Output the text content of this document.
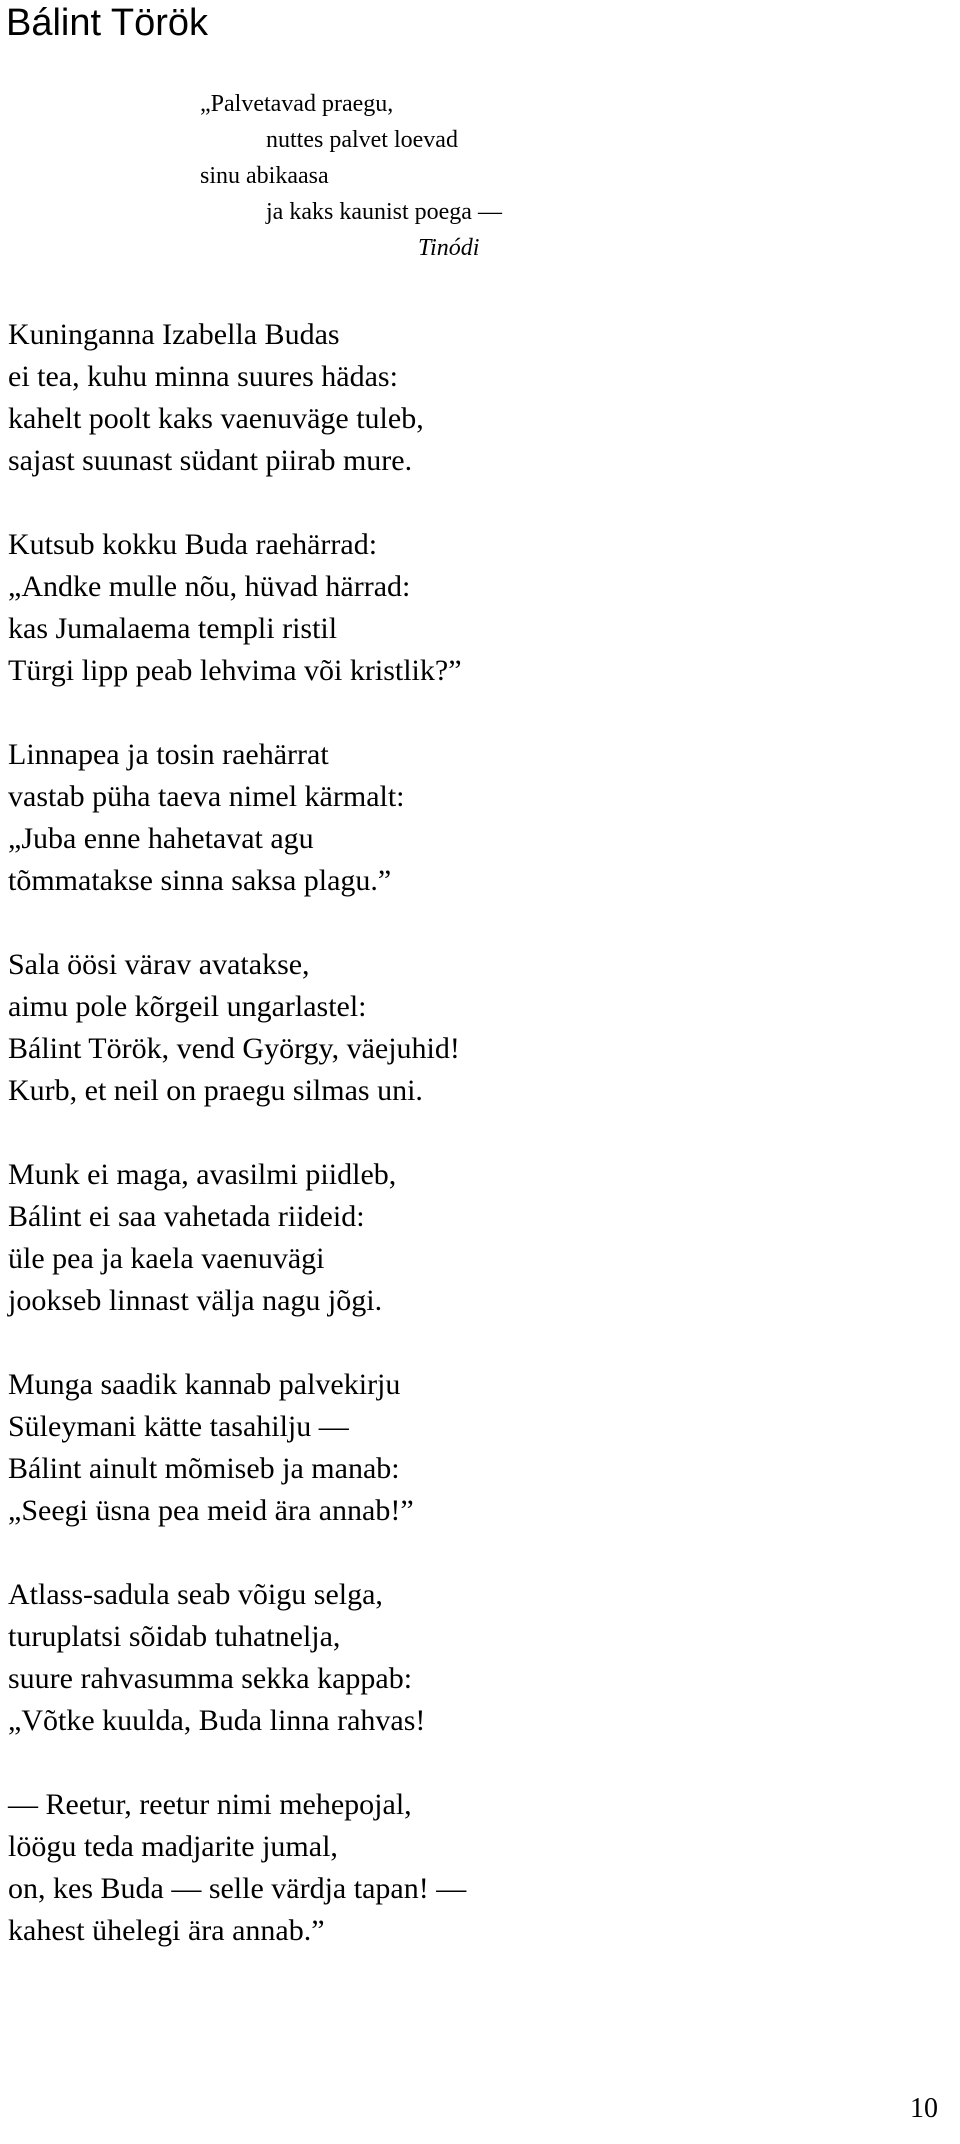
Bálint Török
„Palvetavad praegu,
nuttes palvet loevad
sinu abikaasa
ja kaks kaunist poega —
Tinódi
Kuninganna Izabella Budas
ei tea, kuhu minna suures hädas:
kahelt poolt kaks vaenuväge tuleb,
sajast suunast südant piirab mure.
Kutsub kokku Buda raehärrad:
„Andke mulle nõu, hüvad härrad:
kas Jumalaema templi ristil
Türgi lipp peab lehvima või kristlik?”
Linnapea ja tosin raehärrat
vastab püha taeva nimel kärmalt:
„Juba enne hahetavat agu
tõmmatakse sinna saksa plagu.”
Sala öösi värav avatakse,
aimu pole kõrgeil ungarlastel:
Bálint Török, vend György, väejuhid!
Kurb, et neil on praegu silmas uni.
Munk ei maga, avasilmi piidleb,
Bálint ei saa vahetada riideid:
üle pea ja kaela vaenuvägi
jookseb linnast välja nagu jõgi.
Munga saadik kannab palvekirju
Süleymani kätte tasahilju —
Bálint ainult mõmiseb ja manab:
„Seegi üsna pea meid ära annab!”
Atlass-sadula seab võigu selga,
turuplatsi sõidab tuhatnelja,
suure rahvasumma sekka kappab:
„Võtke kuulda, Buda linna rahvas!
— Reetur, reetur nimi mehepojal,
löögu teda madjarite jumal,
on, kes Buda — selle värdja tapan! —
kahest ühelegi ära annab.”
10
